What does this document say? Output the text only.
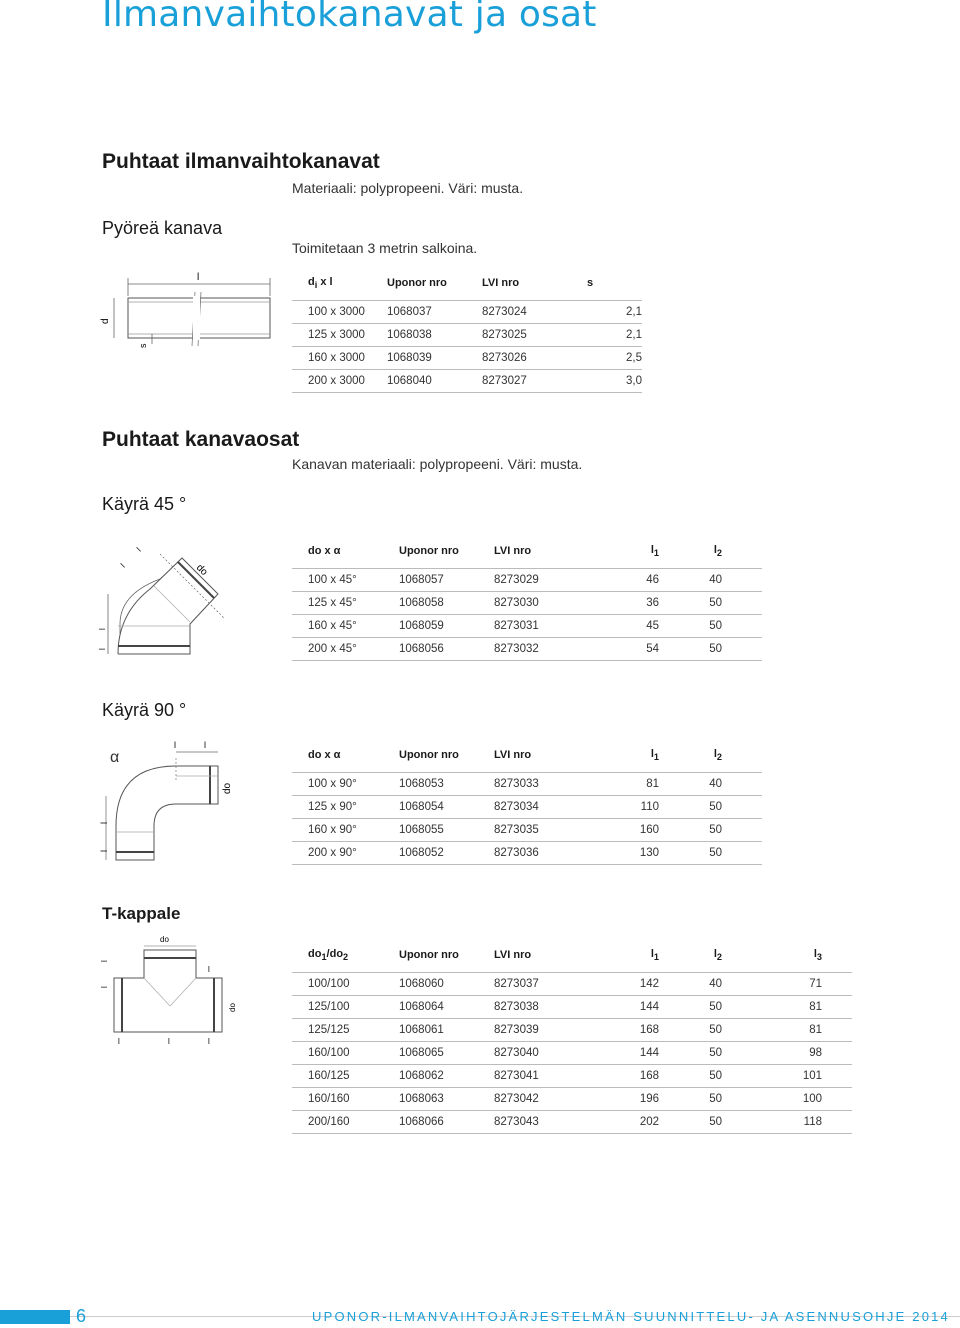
Ilmanvaihtokanavat ja osat
Puhtaat ilmanvaihtokanavat
Materiaali: polypropeeni. Väri: musta.
Pyöreä kanava
Toimitetaan 3 metrin salkoina.
l
d
s
$d_i$ x l	Uponor nro	LVI nro	s
100 x 3000	1068037	8273024	2,1
125 x 3000	1068038	8273025	2,1
160 x 3000	1068039	8273026	2,5
200 x 3000	1068040	8273027	3,0
Puhtaat kanavaosat
Kanavan materiaali: polypropeeni. Väri: musta.
Käyrä 45 °
l
l
do
l
l
do x α	Uponor nro	LVI nro	$l_1$	$l_2$
100 x 45°	1068057	8273029	46	40
125 x 45°	1068058	8273030	36	50
160 x 45°	1068059	8273031	45	50
200 x 45°	1068056	8273032	54	50
Käyrä 90 °
α
l	l
do
l
l
do x α	Uponor nro	LVI nro	$l_1$	$l_2$
100 x 90°	1068053	8273033	81	40
125 x 90°	1068054	8273034	110	50
160 x 90°	1068055	8273035	160	50
200 x 90°	1068052	8273036	130	50
T-kappale
do
do
l
l	l
l
l
l
$do_1/do_2$	Uponor nro	LVI nro	$l_1$	$l_2$	$l_3$
100/100	1068060	8273037	142	40	71
125/100	1068064	8273038	144	50	81
125/125	1068061	8273039	168	50	81
160/100	1068065	8273040	144	50	98
160/125	1068062	8273041	168	50	101
160/160	1068063	8273042	196	50	100
200/160	1068066	8273043	202	50	118
6	UPONOR-ILMANVAIHTOJÄRJESTELMÄN SUUNNITTELU- JA ASENNUSOHJE 2014
